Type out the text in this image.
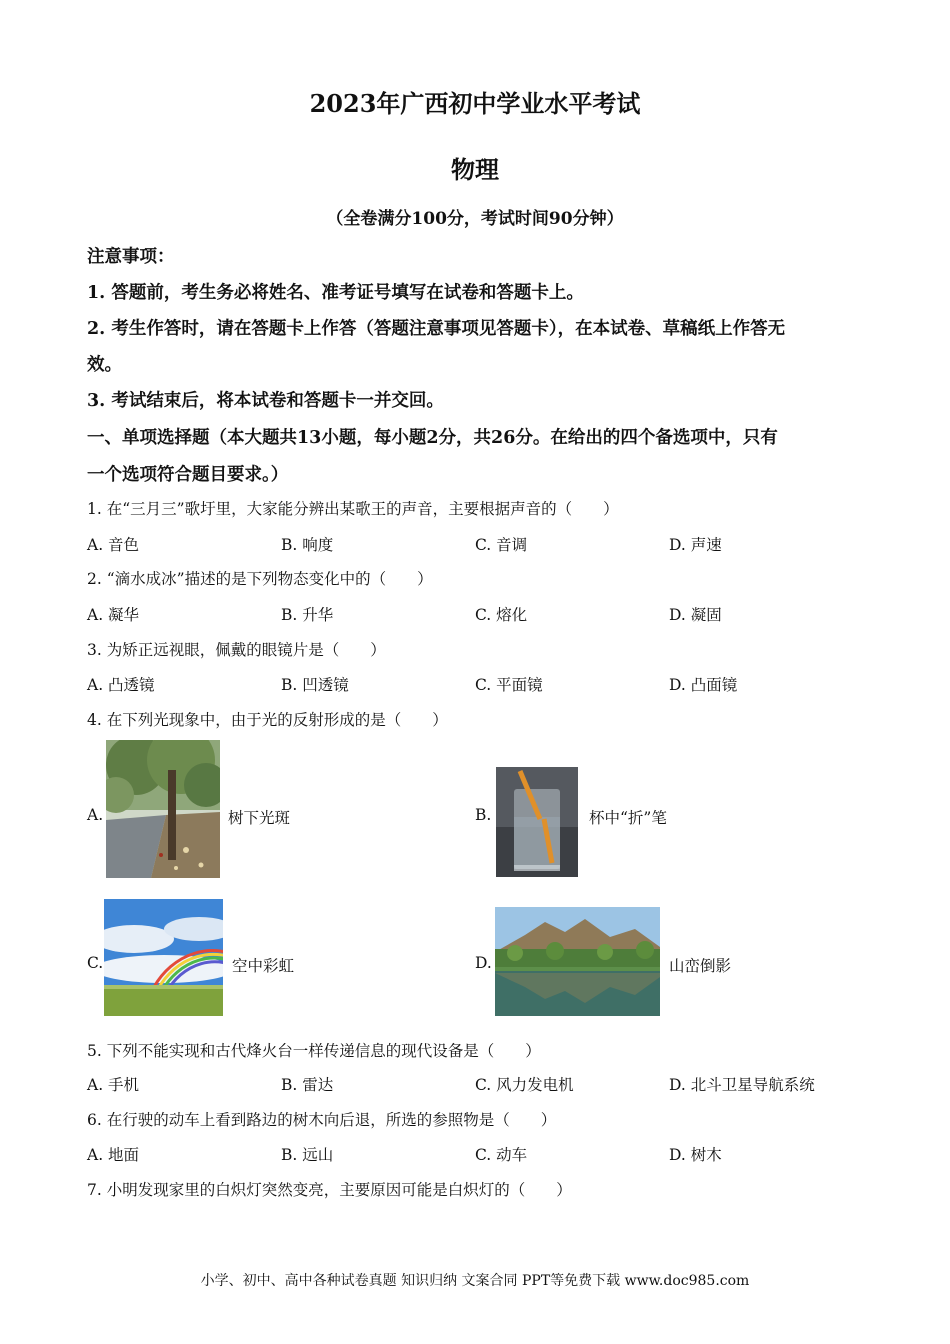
2023年广西初中学业水平考试
物理
（全卷满分100分，考试时间90分钟）
注意事项：
1. 答题前，考生务必将姓名、准考证号填写在试卷和答题卡上。
2. 考生作答时，请在答题卡上作答（答题注意事项见答题卡），在本试卷、草稿纸上作答无
效。
3. 考试结束后，将本试卷和答题卡一并交回。
一、单项选择题（本大题共13小题，每小题2分，共26分。在给出的四个备选项中，只有
一个选项符合题目要求。）
1. 在“三月三”歌圩里，大家能分辨出某歌王的声音，主要根据声音的（　　）
A. 音色	B. 响度	C. 音调	D. 声速
2. “滴水成冰”描述的是下列物态变化中的（　　）
A. 凝华	B. 升华	C. 熔化	D. 凝固
3. 为矫正远视眼，佩戴的眼镜片是（　　）
A. 凸透镜	B. 凹透镜	C. 平面镜	D. 凸面镜
4. 在下列光现象中，由于光的反射形成的是（　　）
A.	树下光斑	B.	杯中“折”笔
C.	空中彩虹	D.	山峦倒影
5. 下列不能实现和古代烽火台一样传递信息的现代设备是（　　）
A. 手机	B. 雷达	C. 风力发电机	D. 北斗卫星导航系统
6. 在行驶的动车上看到路边的树木向后退，所选的参照物是（　　）
A. 地面	B. 远山	C. 动车	D. 树木
7. 小明发现家里的白炽灯突然变亮，主要原因可能是白炽灯的（　　）
小学、初中、高中各种试卷真题 知识归纳 文案合同 PPT等免费下载 www.doc985.com
